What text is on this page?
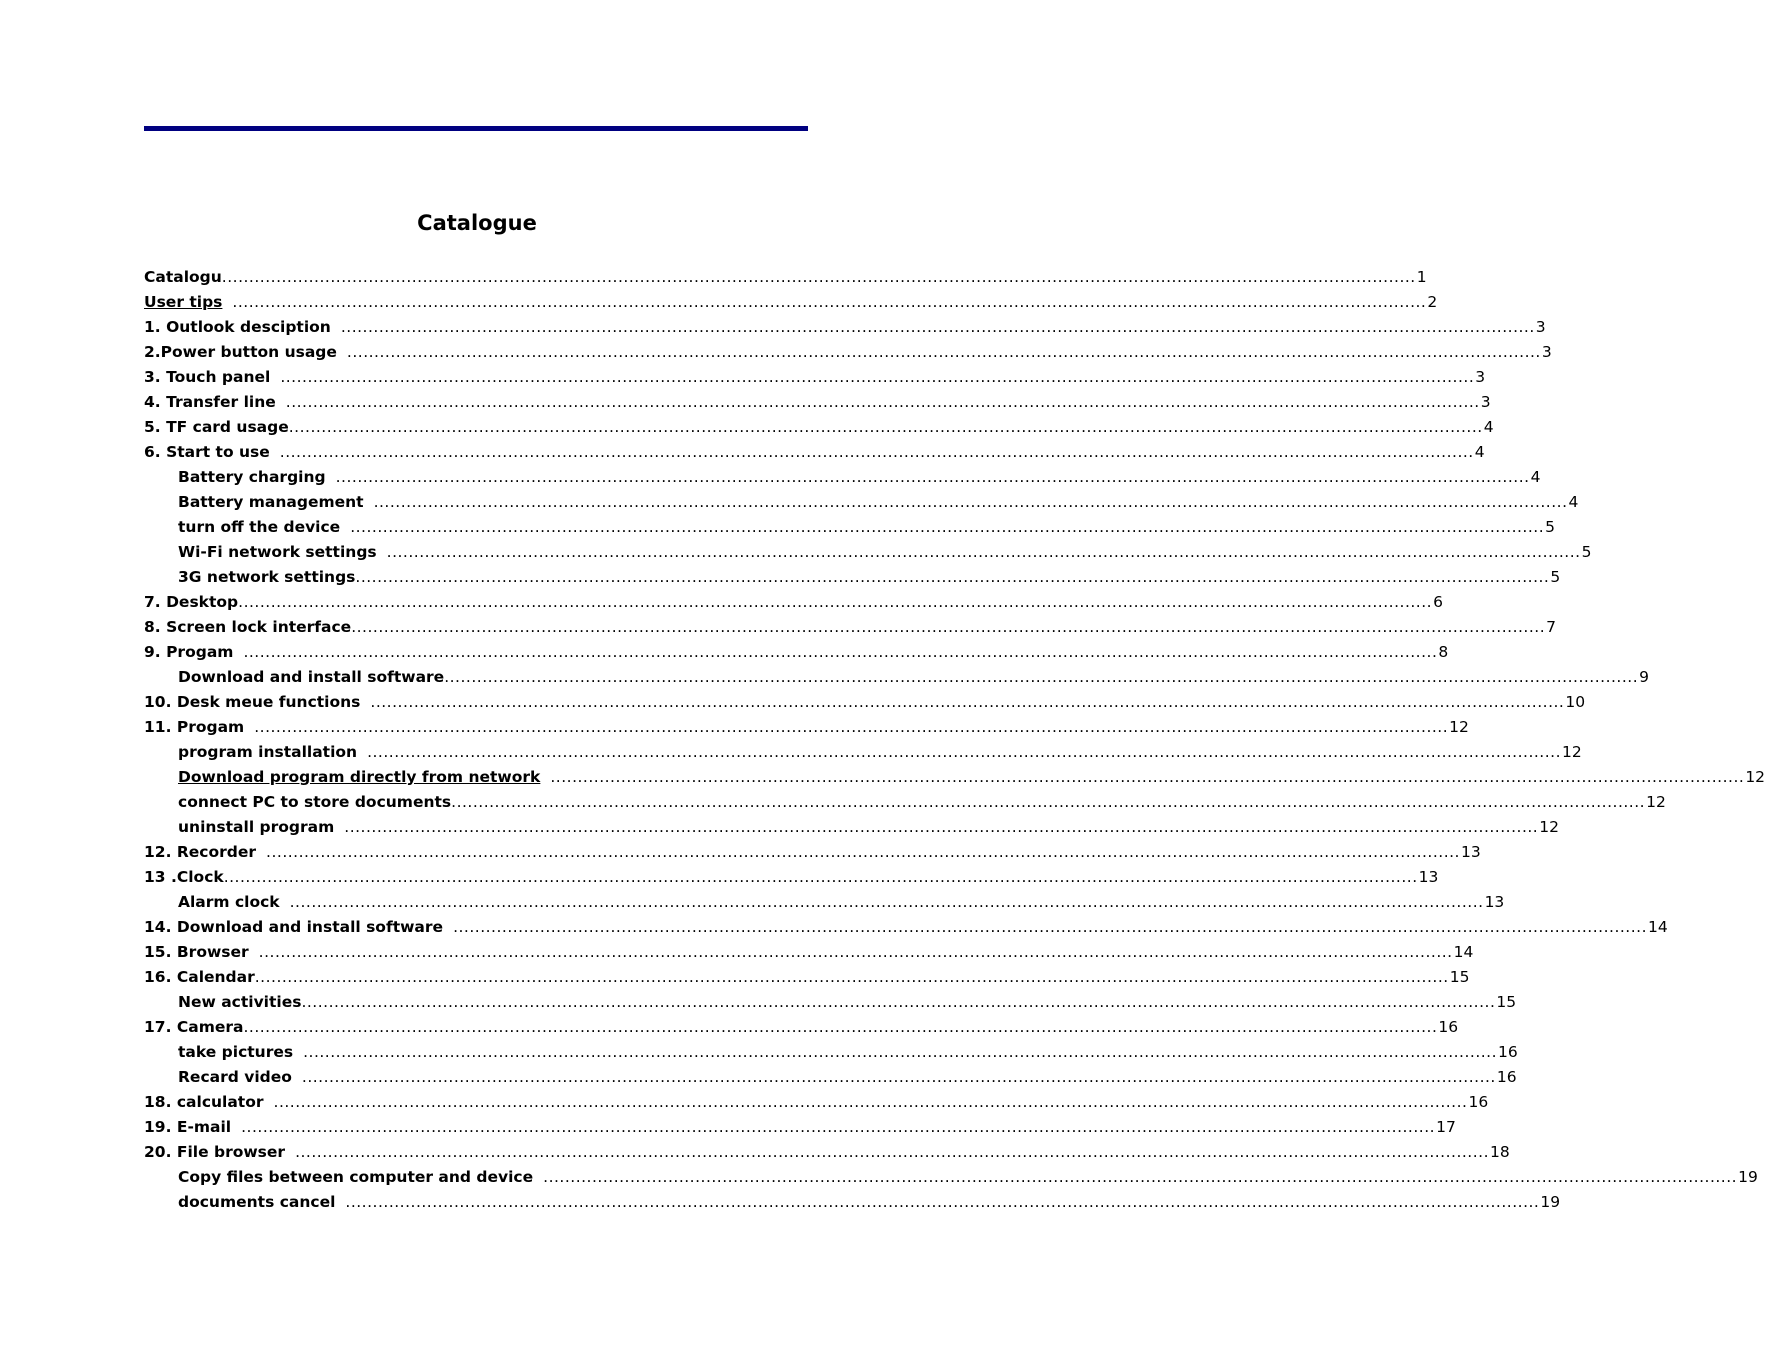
Catalogue
Catalogu ............................................................................................................................................................................................................................ 1
User tips ............................................................................................................................................................................................................................ 2
1. Outlook desciption ............................................................................................................................................................................................................................ 3
2.Power button usage ............................................................................................................................................................................................................................ 3
3. Touch panel ............................................................................................................................................................................................................................ 3
4. Transfer line ............................................................................................................................................................................................................................ 3
5. TF card usage ............................................................................................................................................................................................................................ 4
6. Start to use ............................................................................................................................................................................................................................ 4
Battery charging ............................................................................................................................................................................................................................ 4
Battery management ............................................................................................................................................................................................................................ 4
turn off the device ............................................................................................................................................................................................................................ 5
Wi-Fi network settings ............................................................................................................................................................................................................................ 5
3G network settings ............................................................................................................................................................................................................................ 5
7. Desktop ............................................................................................................................................................................................................................ 6
8. Screen lock interface ............................................................................................................................................................................................................................ 7
9. Progam ............................................................................................................................................................................................................................ 8
Download and install software ............................................................................................................................................................................................................................ 9
10. Desk meue functions ............................................................................................................................................................................................................................ 10
11. Progam ............................................................................................................................................................................................................................ 12
program installation ............................................................................................................................................................................................................................ 12
Download program directly from network ............................................................................................................................................................................................................................ 12
connect PC to store documents ............................................................................................................................................................................................................................ 12
uninstall program ............................................................................................................................................................................................................................ 12
12. Recorder ............................................................................................................................................................................................................................ 13
13 .Clock ............................................................................................................................................................................................................................ 13
Alarm clock ............................................................................................................................................................................................................................ 13
14. Download and install software ............................................................................................................................................................................................................................ 14
15. Browser ............................................................................................................................................................................................................................ 14
16. Calendar ............................................................................................................................................................................................................................ 15
New activities ............................................................................................................................................................................................................................ 15
17. Camera ............................................................................................................................................................................................................................ 16
take pictures ............................................................................................................................................................................................................................ 16
Recard video ............................................................................................................................................................................................................................ 16
18. calculator ............................................................................................................................................................................................................................ 16
19. E-mail ............................................................................................................................................................................................................................ 17
20. File browser ............................................................................................................................................................................................................................ 18
Copy files between computer and device ............................................................................................................................................................................................................................ 19
documents cancel ............................................................................................................................................................................................................................ 19
